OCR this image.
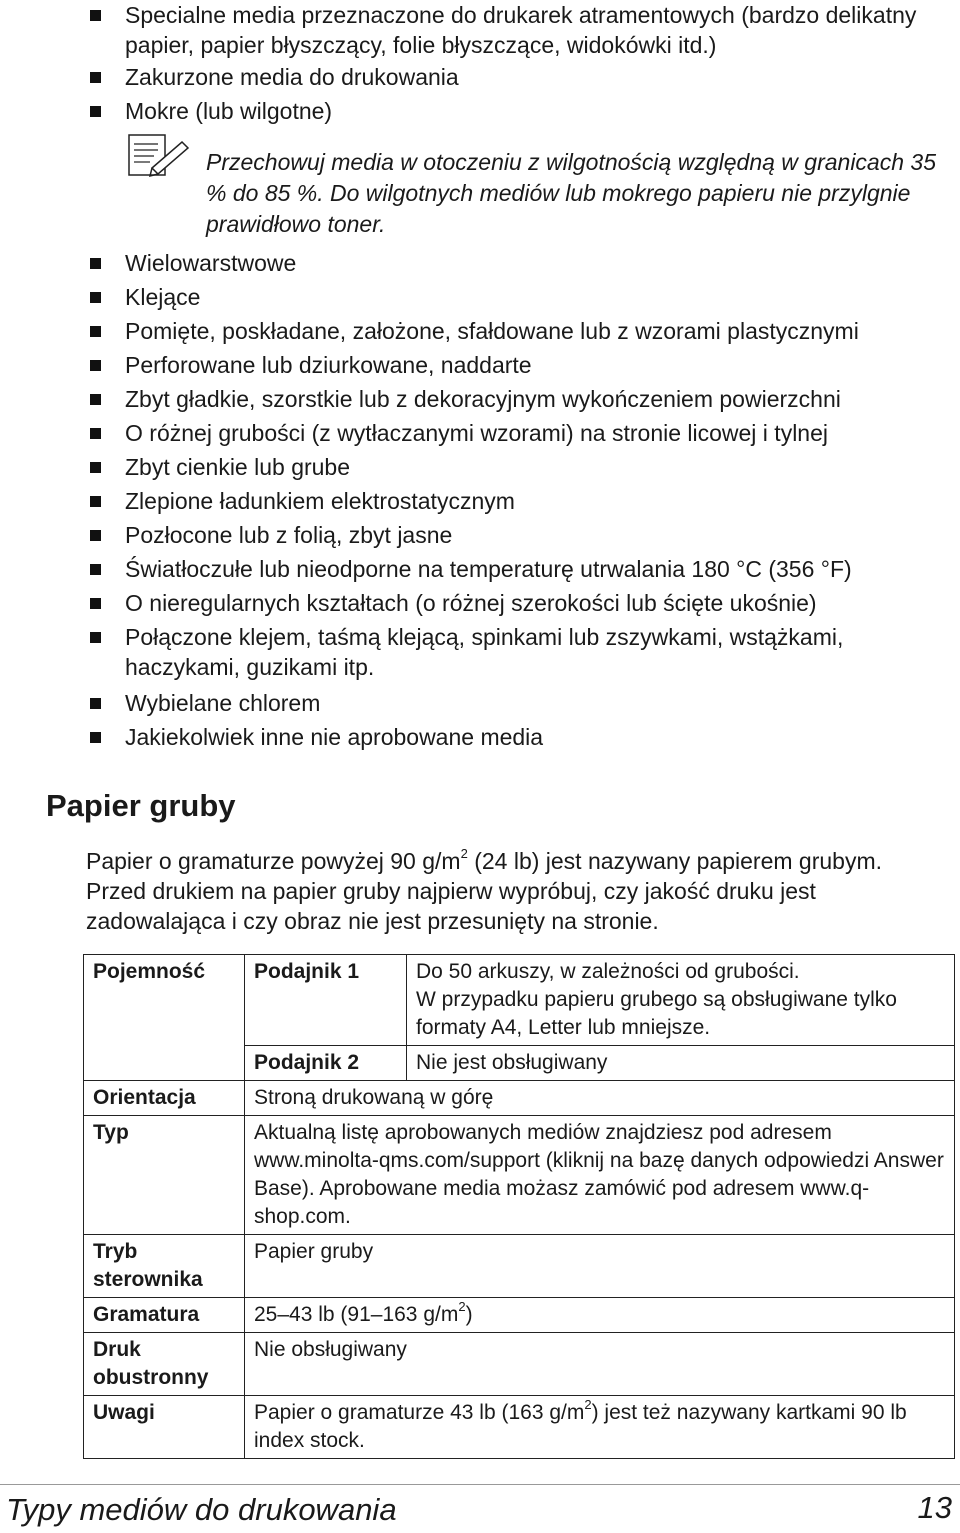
Specialne media przeznaczone do drukarek atramentowych (bardzo delikatny papier, papier błyszczący, folie błyszczące, widokówki itd.)
Zakurzone media do drukowania
Mokre (lub wilgotne)
Przechowuj media w otoczeniu z wilgotnością względną w granicach 35 % do 85 %. Do wilgotnych mediów lub mokrego papieru nie przylgnie prawidłowo toner.
Wielowarstwowe
Klejące
Pomięte, poskładane, założone, sfałdowane lub z wzorami plastycznymi
Perforowane lub dziurkowane, naddarte
Zbyt gładkie, szorstkie lub z dekoracyjnym wykończeniem powierzchni
O różnej grubości (z wytłaczanymi wzorami) na stronie licowej i tylnej
Zbyt cienkie lub grube
Zlepione ładunkiem elektrostatycznym
Pozłocone lub z folią, zbyt jasne
Światłoczułe lub nieodporne na temperaturę utrwalania 180 °C (356 °F)
O nieregularnych kształtach (o różnej szerokości lub ścięte ukośnie)
Połączone klejem, taśmą klejącą, spinkami lub zszywkami, wstążkami, haczykami, guzikami itp.
Wybielane chlorem
Jakiekolwiek inne nie aprobowane media
Papier gruby

Papier o gramaturze powyżej 90 $g/m^2$ (24 lb) jest nazywany papierem grubym. Przed drukiem na papier gruby najpierw wypróbuj, czy jakość druku jest zadowalająca i czy obraz nie jest przesunięty na stronie.

Pojemność	Podajnik 1	Do 50 arkuszy, w zależności od grubości.
W przypadku papieru grubego są obsługiwane tylko formaty A4, Letter lub mniejsze.

	Podajnik 2	Nie jest obsługiwany
Orientacja	Stroną drukowaną w górę	
Typ	Aktualną listę aprobowanych mediów znajdziesz pod adresem www.minolta-qms.com/support (kliknij na bazę danych odpowiedzi Answer Base). Aprobowane media możasz zamówić pod adresem www.q-shop.com.	
Tryb sterownika	Papier gruby	
Gramatura	25–43 lb (91–163 $g/m^2$)	
Druk obustronny	Nie obsługiwany	
Uwagi	Papier o gramaturze 43 lb (163 $g/m^2$) jest też nazywany kartkami 90 lb index stock.	
Typy mediów do drukowania	13
